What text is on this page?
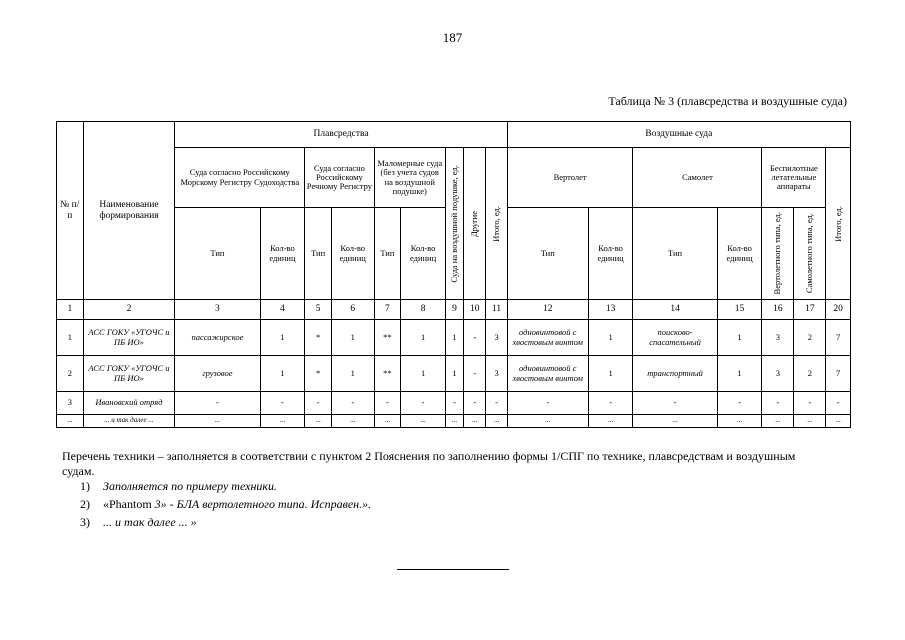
187
Таблица № 3 (плавсредства и воздушные суда)
№ п/п	Наименование формирования	Плавсредства									Воздушные суда						
		Суда согласно Российскому Морскому Регистру Судоходства		Суда согласно Российскому Речному Регистру		Маломерные суда (без учета судов на воздушной подушке)		Суда на воздушной подушке, ед.	Другие	Итого, ед.	Вертолет		Самолет		Беспилотные летательные аппараты		Итого, ед.

		Тип	Кол-во единиц	Тип	Кол-во единиц	Тип	Кол-во единиц				Тип	Кол-во единиц	Тип	Кол-во единиц	Вертолетного типа, ед.	Самолетного типа, ед.	

1	2	3	4	5	6	7	8	9	10	11	12	13	14	15	16	17	20
1	АСС ГОКУ «УГОЧС и ПБ ИО»	пассажирское	1	*	1	**	1	1	-	3	одновинтовой с хвостовым винтом	1	поисково-спасательный	1	3	2	7
2	АСС ГОКУ «УГОЧС и ПБ ИО»	грузовое	1	*	1	**	1	1	-	3	одновинтовой с хвостовым винтом	1	транспортный	1	3	2	7
3	Ивановский отряд	-	-	-	-	-	-	-	-	-	-	-	-	-	-	-	-
...	... и так далее ...	...	...	...	...	...	...	...	...	...	...	...	...	...	...	...	...
Перечень техники – заполняется в соответствии с пунктом 2 Пояснения по заполнению формы 1/СПГ по технике, плавсредствам и воздушным судам.
1) Заполняется по примеру техники.
2) «Phantom 3» - БЛА вертолетного типа. Исправен.».
3) ... и так далее ... »
